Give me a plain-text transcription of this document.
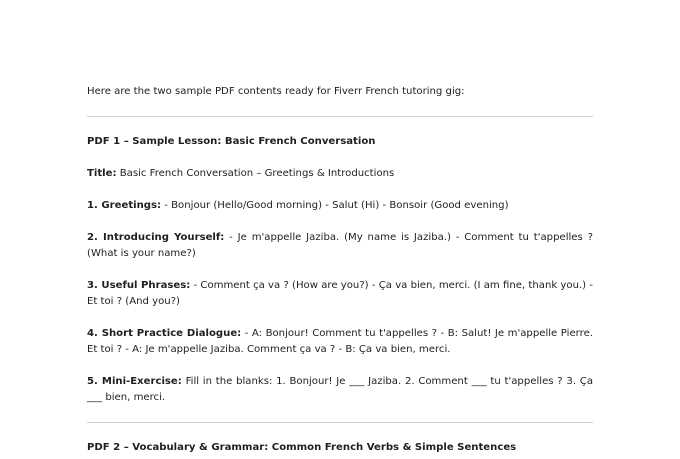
Here are the two sample PDF contents ready for Fiverr French tutoring gig:

PDF 1 – Sample Lesson: Basic French Conversation

Title: Basic French Conversation – Greetings & Introductions

1. Greetings: - Bonjour (Hello/Good morning) - Salut (Hi) - Bonsoir (Good evening)

2. Introducing Yourself: - Je m'appelle Jaziba. (My name is Jaziba.) - Comment tu t'appelles ? (What is your name?)

3. Useful Phrases: - Comment ça va ? (How are you?) - Ça va bien, merci. (I am fine, thank you.) - Et toi ? (And you?)

4. Short Practice Dialogue: - A: Bonjour! Comment tu t'appelles ? - B: Salut! Je m'appelle Pierre. Et toi ? - A: Je m'appelle Jaziba. Comment ça va ? - B: Ça va bien, merci.

5. Mini-Exercise: Fill in the blanks: 1. Bonjour! Je ___ Jaziba. 2. Comment ___ tu t'appelles ? 3. Ça ___ bien, merci.

PDF 2 – Vocabulary & Grammar: Common French Verbs & Simple Sentences
